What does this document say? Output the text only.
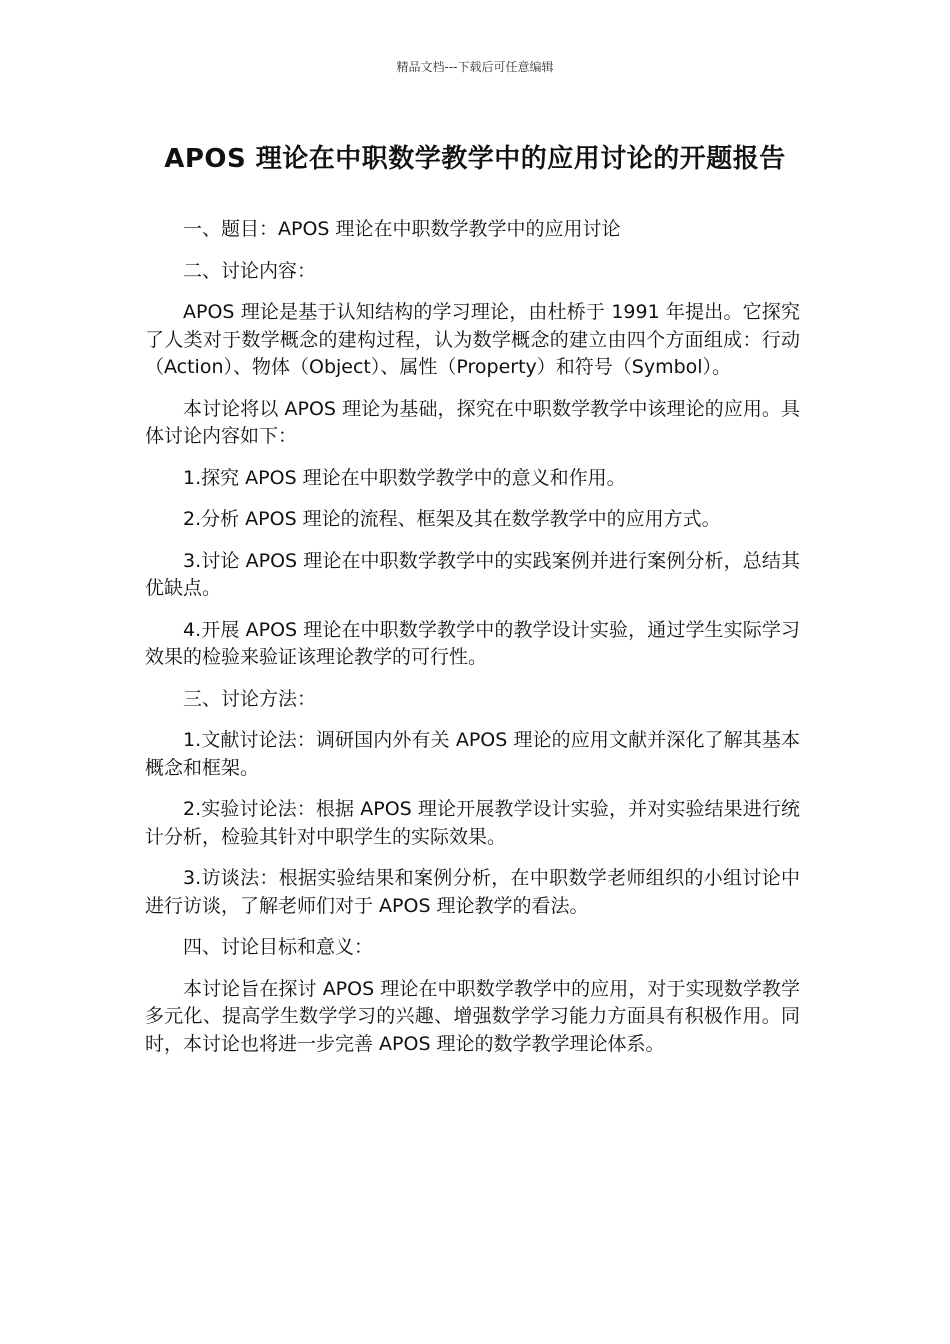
精品文档---下载后可任意编辑
APOS 理论在中职数学教学中的应用讨论的开题报告

一、题目：APOS 理论在中职数学教学中的应用讨论

二、讨论内容：

APOS 理论是基于认知结构的学习理论，由杜桥于 1991 年提出。它探究了人类对于数学概念的建构过程，认为数学概念的建立由四个方面组成：行动（Action）、物体（Object）、属性（Property）和符号（Symbol）。

本讨论将以 APOS 理论为基础，探究在中职数学教学中该理论的应用。具体讨论内容如下：

1.探究 APOS 理论在中职数学教学中的意义和作用。

2.分析 APOS 理论的流程、框架及其在数学教学中的应用方式。

3.讨论 APOS 理论在中职数学教学中的实践案例并进行案例分析，总结其优缺点。

4.开展 APOS 理论在中职数学教学中的教学设计实验，通过学生实际学习效果的检验来验证该理论教学的可行性。

三、讨论方法：

1.文献讨论法：调研国内外有关 APOS 理论的应用文献并深化了解其基本概念和框架。

2.实验讨论法：根据 APOS 理论开展教学设计实验，并对实验结果进行统计分析，检验其针对中职学生的实际效果。

3.访谈法：根据实验结果和案例分析，在中职数学老师组织的小组讨论中进行访谈，了解老师们对于 APOS 理论教学的看法。

四、讨论目标和意义：

本讨论旨在探讨 APOS 理论在中职数学教学中的应用，对于实现数学教学多元化、提高学生数学学习的兴趣、增强数学学习能力方面具有积极作用。同时，本讨论也将进一步完善 APOS 理论的数学教学理论体系。
